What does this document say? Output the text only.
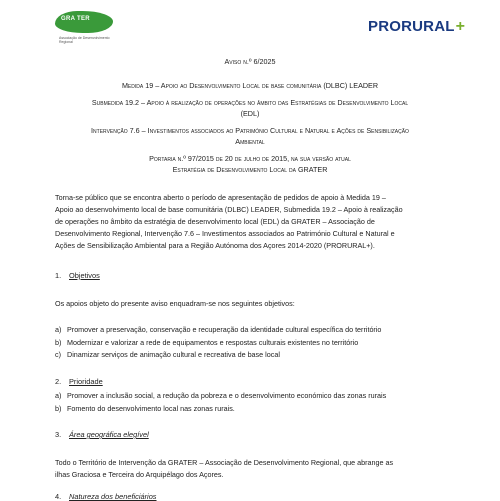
GRA TER
Associação de Desenvolvimento Regional
PRORURAL+
Aviso n.º 6/2025
Medida 19 – Apoio ao Desenvolvimento Local de base comunitária (DLBC) LEADER
Submedida 19.2 – Apoio à realização de operações no âmbito das Estratégias de Desenvolvimento Local
(EDL)
Intervenção 7.6 – Investimentos associados ao Património Cultural e Natural e Ações de Sensibilização
Ambiental
Portaria n.º 97/2015 de 20 de julho de 2015, na sua versão atual
Estratégia de Desenvolvimento Local da GRATER
Torna-se público que se encontra aberto o período de apresentação de pedidos de apoio à Medida 19 –
Apoio ao desenvolvimento local de base comunitária (DLBC) LEADER, Submedida 19.2 – Apoio à realização
de operações no âmbito da estratégia de desenvolvimento local (EDL) da GRATER – Associação de
Desenvolvimento Regional, Intervenção 7.6 – Investimentos associados ao Património Cultural e Natural e
Ações de Sensibilização Ambiental para a Região Autónoma dos Açores 2014-2020 (PRORURAL+).
1. Objetivos
Os apoios objeto do presente aviso enquadram-se nos seguintes objetivos:
a) Promover a preservação, conservação e recuperação da identidade cultural específica do território
b) Modernizar e valorizar a rede de equipamentos e respostas culturais existentes no território
c) Dinamizar serviços de animação cultural e recreativa de base local
2. Prioridade
a) Promover a inclusão social, a redução da pobreza e o desenvolvimento económico das zonas rurais
b) Fomento do desenvolvimento local nas zonas rurais.
3. Área geográfica elegível
Todo o Território de Intervenção da GRATER – Associação de Desenvolvimento Regional, que abrange as
ilhas Graciosa e Terceira do Arquipélago dos Açores.
4. Natureza dos beneficiários
